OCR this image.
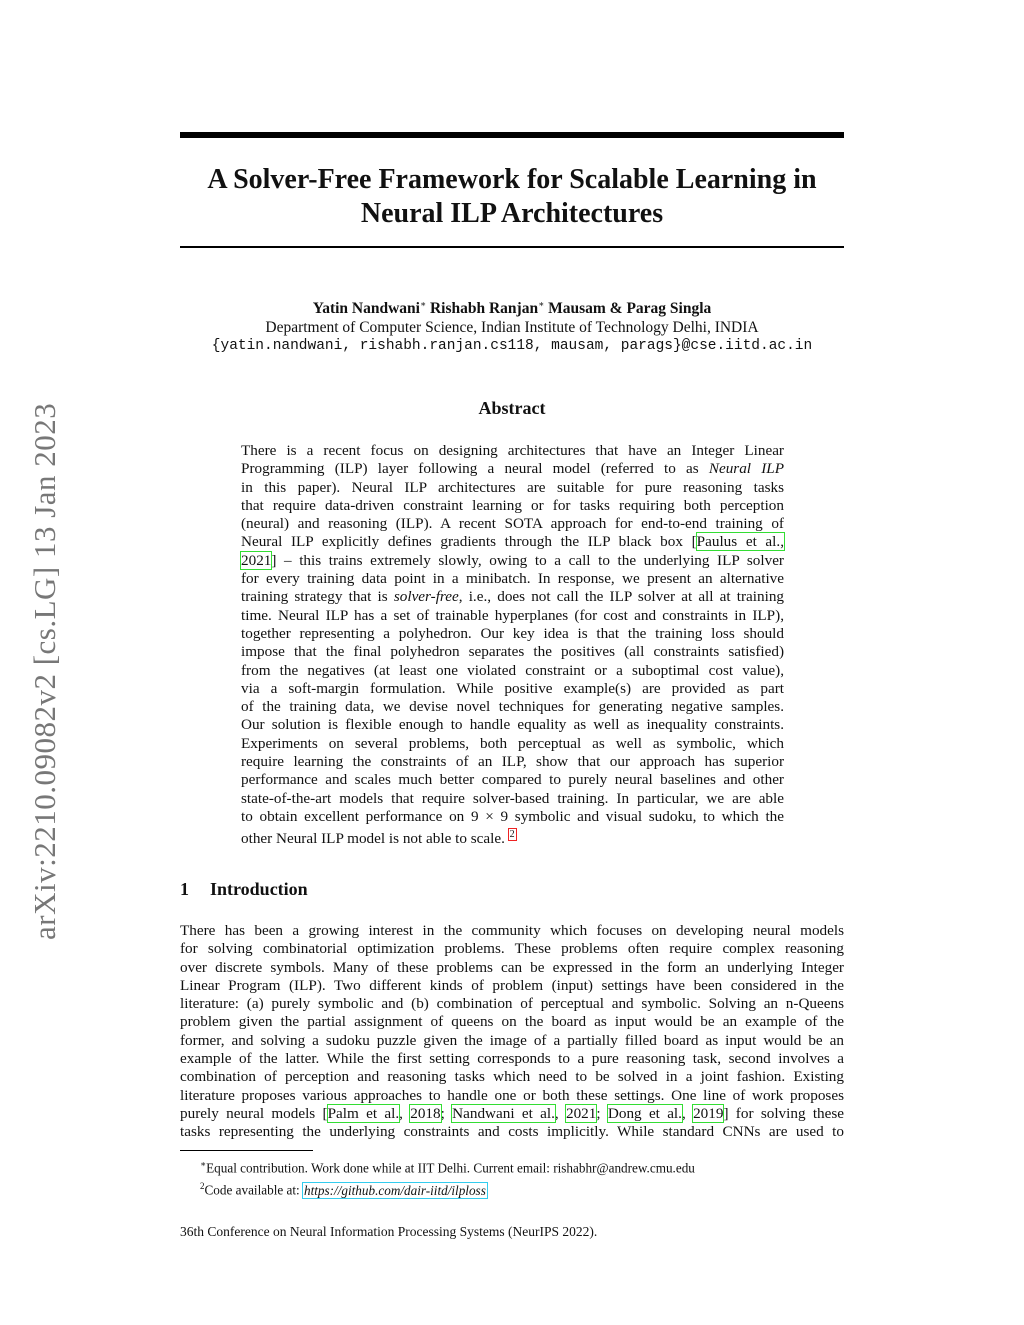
arXiv:2210.09082v2 [cs.LG] 13 Jan 2023
A Solver-Free Framework for Scalable Learning in
Neural ILP Architectures
Yatin Nandwani∗ Rishabh Ranjan∗ Mausam & Parag Singla
Department of Computer Science, Indian Institute of Technology Delhi, INDIA
{yatin.nandwani, rishabh.ranjan.cs118, mausam, parags}@cse.iitd.ac.in
Abstract
There is a recent focus on designing architectures that have an Integer Linear
Programming (ILP) layer following a neural model (referred to as Neural ILP
in this paper). Neural ILP architectures are suitable for pure reasoning tasks
that require data-driven constraint learning or for tasks requiring both perception
(neural) and reasoning (ILP). A recent SOTA approach for end-to-end training of
Neural ILP explicitly defines gradients through the ILP black box [Paulus et al.,
2021] – this trains extremely slowly, owing to a call to the underlying ILP solver
for every training data point in a minibatch. In response, we present an alternative
training strategy that is solver-free, i.e., does not call the ILP solver at all at training
time. Neural ILP has a set of trainable hyperplanes (for cost and constraints in ILP),
together representing a polyhedron. Our key idea is that the training loss should
impose that the final polyhedron separates the positives (all constraints satisfied)
from the negatives (at least one violated constraint or a suboptimal cost value),
via a soft-margin formulation. While positive example(s) are provided as part
of the training data, we devise novel techniques for generating negative samples.
Our solution is flexible enough to handle equality as well as inequality constraints.
Experiments on several problems, both perceptual as well as symbolic, which
require learning the constraints of an ILP, show that our approach has superior
performance and scales much better compared to purely neural baselines and other
state-of-the-art models that require solver-based training. In particular, we are able
to obtain excellent performance on 9 × 9 symbolic and visual sudoku, to which the
other Neural ILP model is not able to scale. $^2$
1 Introduction
There has been a growing interest in the community which focuses on developing neural models
for solving combinatorial optimization problems. These problems often require complex reasoning
over discrete symbols. Many of these problems can be expressed in the form an underlying Integer
Linear Program (ILP). Two different kinds of problem (input) settings have been considered in the
literature: (a) purely symbolic and (b) combination of perceptual and symbolic. Solving an n-Queens
problem given the partial assignment of queens on the board as input would be an example of the
former, and solving a sudoku puzzle given the image of a partially filled board as input would be an
example of the latter. While the first setting corresponds to a pure reasoning task, second involves a
combination of perception and reasoning tasks which need to be solved in a joint fashion. Existing
literature proposes various approaches to handle one or both these settings. One line of work proposes
purely neural models [Palm et al., 2018; Nandwani et al., 2021; Dong et al., 2019] for solving these
tasks representing the underlying constraints and costs implicitly. While standard CNNs are used to
∗Equal contribution. Work done while at IIT Delhi. Current email: rishabhr@andrew.cmu.edu
$^2$Code available at: https://github.com/dair-iitd/ilploss
36th Conference on Neural Information Processing Systems (NeurIPS 2022).
